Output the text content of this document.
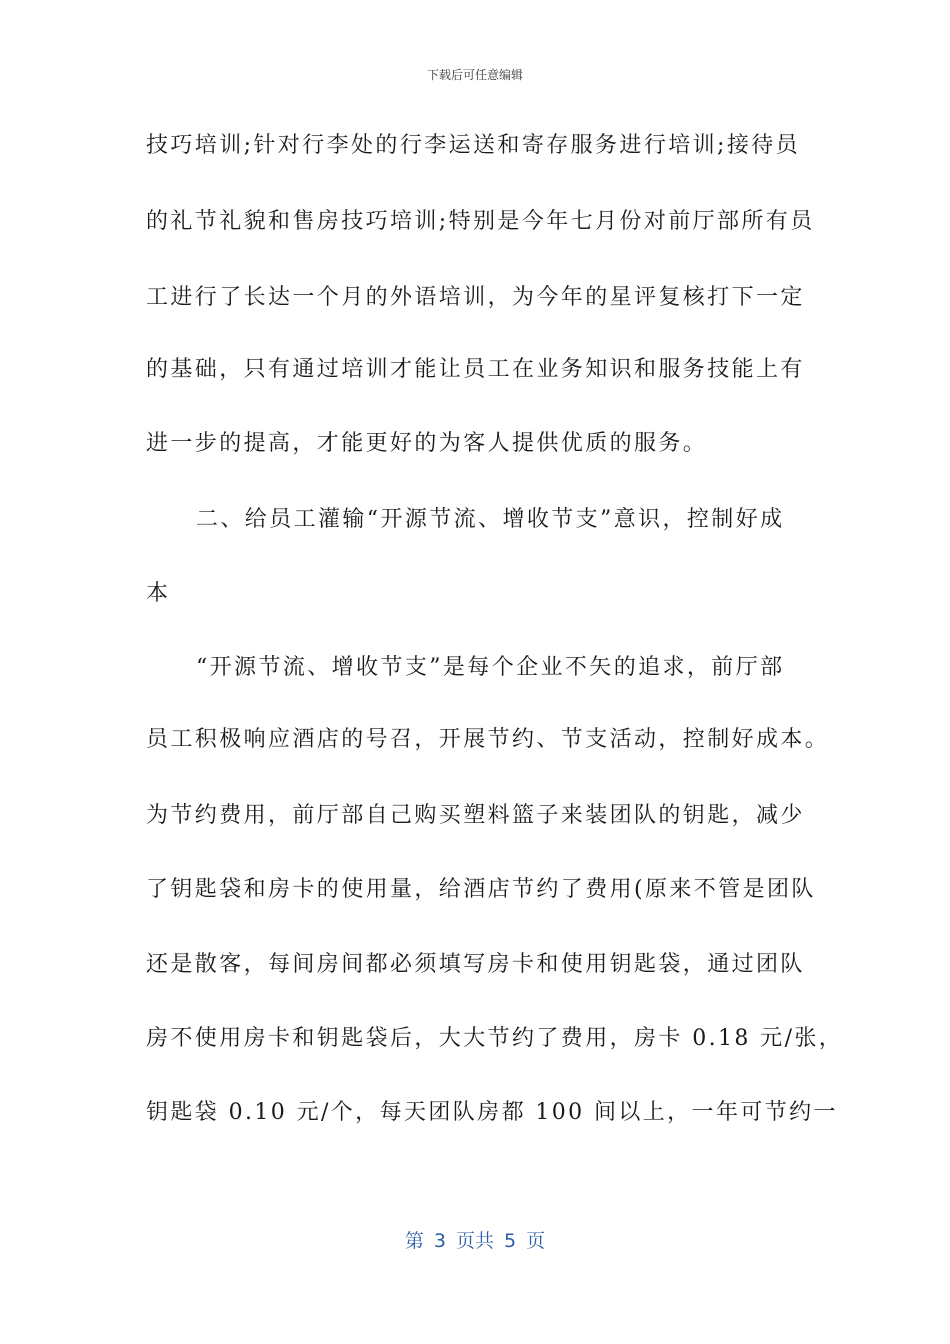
下载后可任意编辑
技巧培训;针对行李处的行李运送和寄存服务进行培训;接待员
的礼节礼貌和售房技巧培训;特别是今年七月份对前厅部所有员
工进行了长达一个月的外语培训，为今年的星评复核打下一定
的基础，只有通过培训才能让员工在业务知识和服务技能上有
进一步的提高，才能更好的为客人提供优质的服务。
二、给员工灌输“开源节流、增收节支”意识，控制好成
本
“开源节流、增收节支”是每个企业不矢的追求，前厅部
员工积极响应酒店的号召，开展节约、节支活动，控制好成本。
为节约费用，前厅部自己购买塑料篮子来装团队的钥匙，减少
了钥匙袋和房卡的使用量，给酒店节约了费用(原来不管是团队
还是散客，每间房间都必须填写房卡和使用钥匙袋，通过团队
房不使用房卡和钥匙袋后，大大节约了费用，房卡 0.18 元/张，
钥匙袋 0.10 元/个，每天团队房都 100 间以上，一年可节约一
第 3 页共 5 页
